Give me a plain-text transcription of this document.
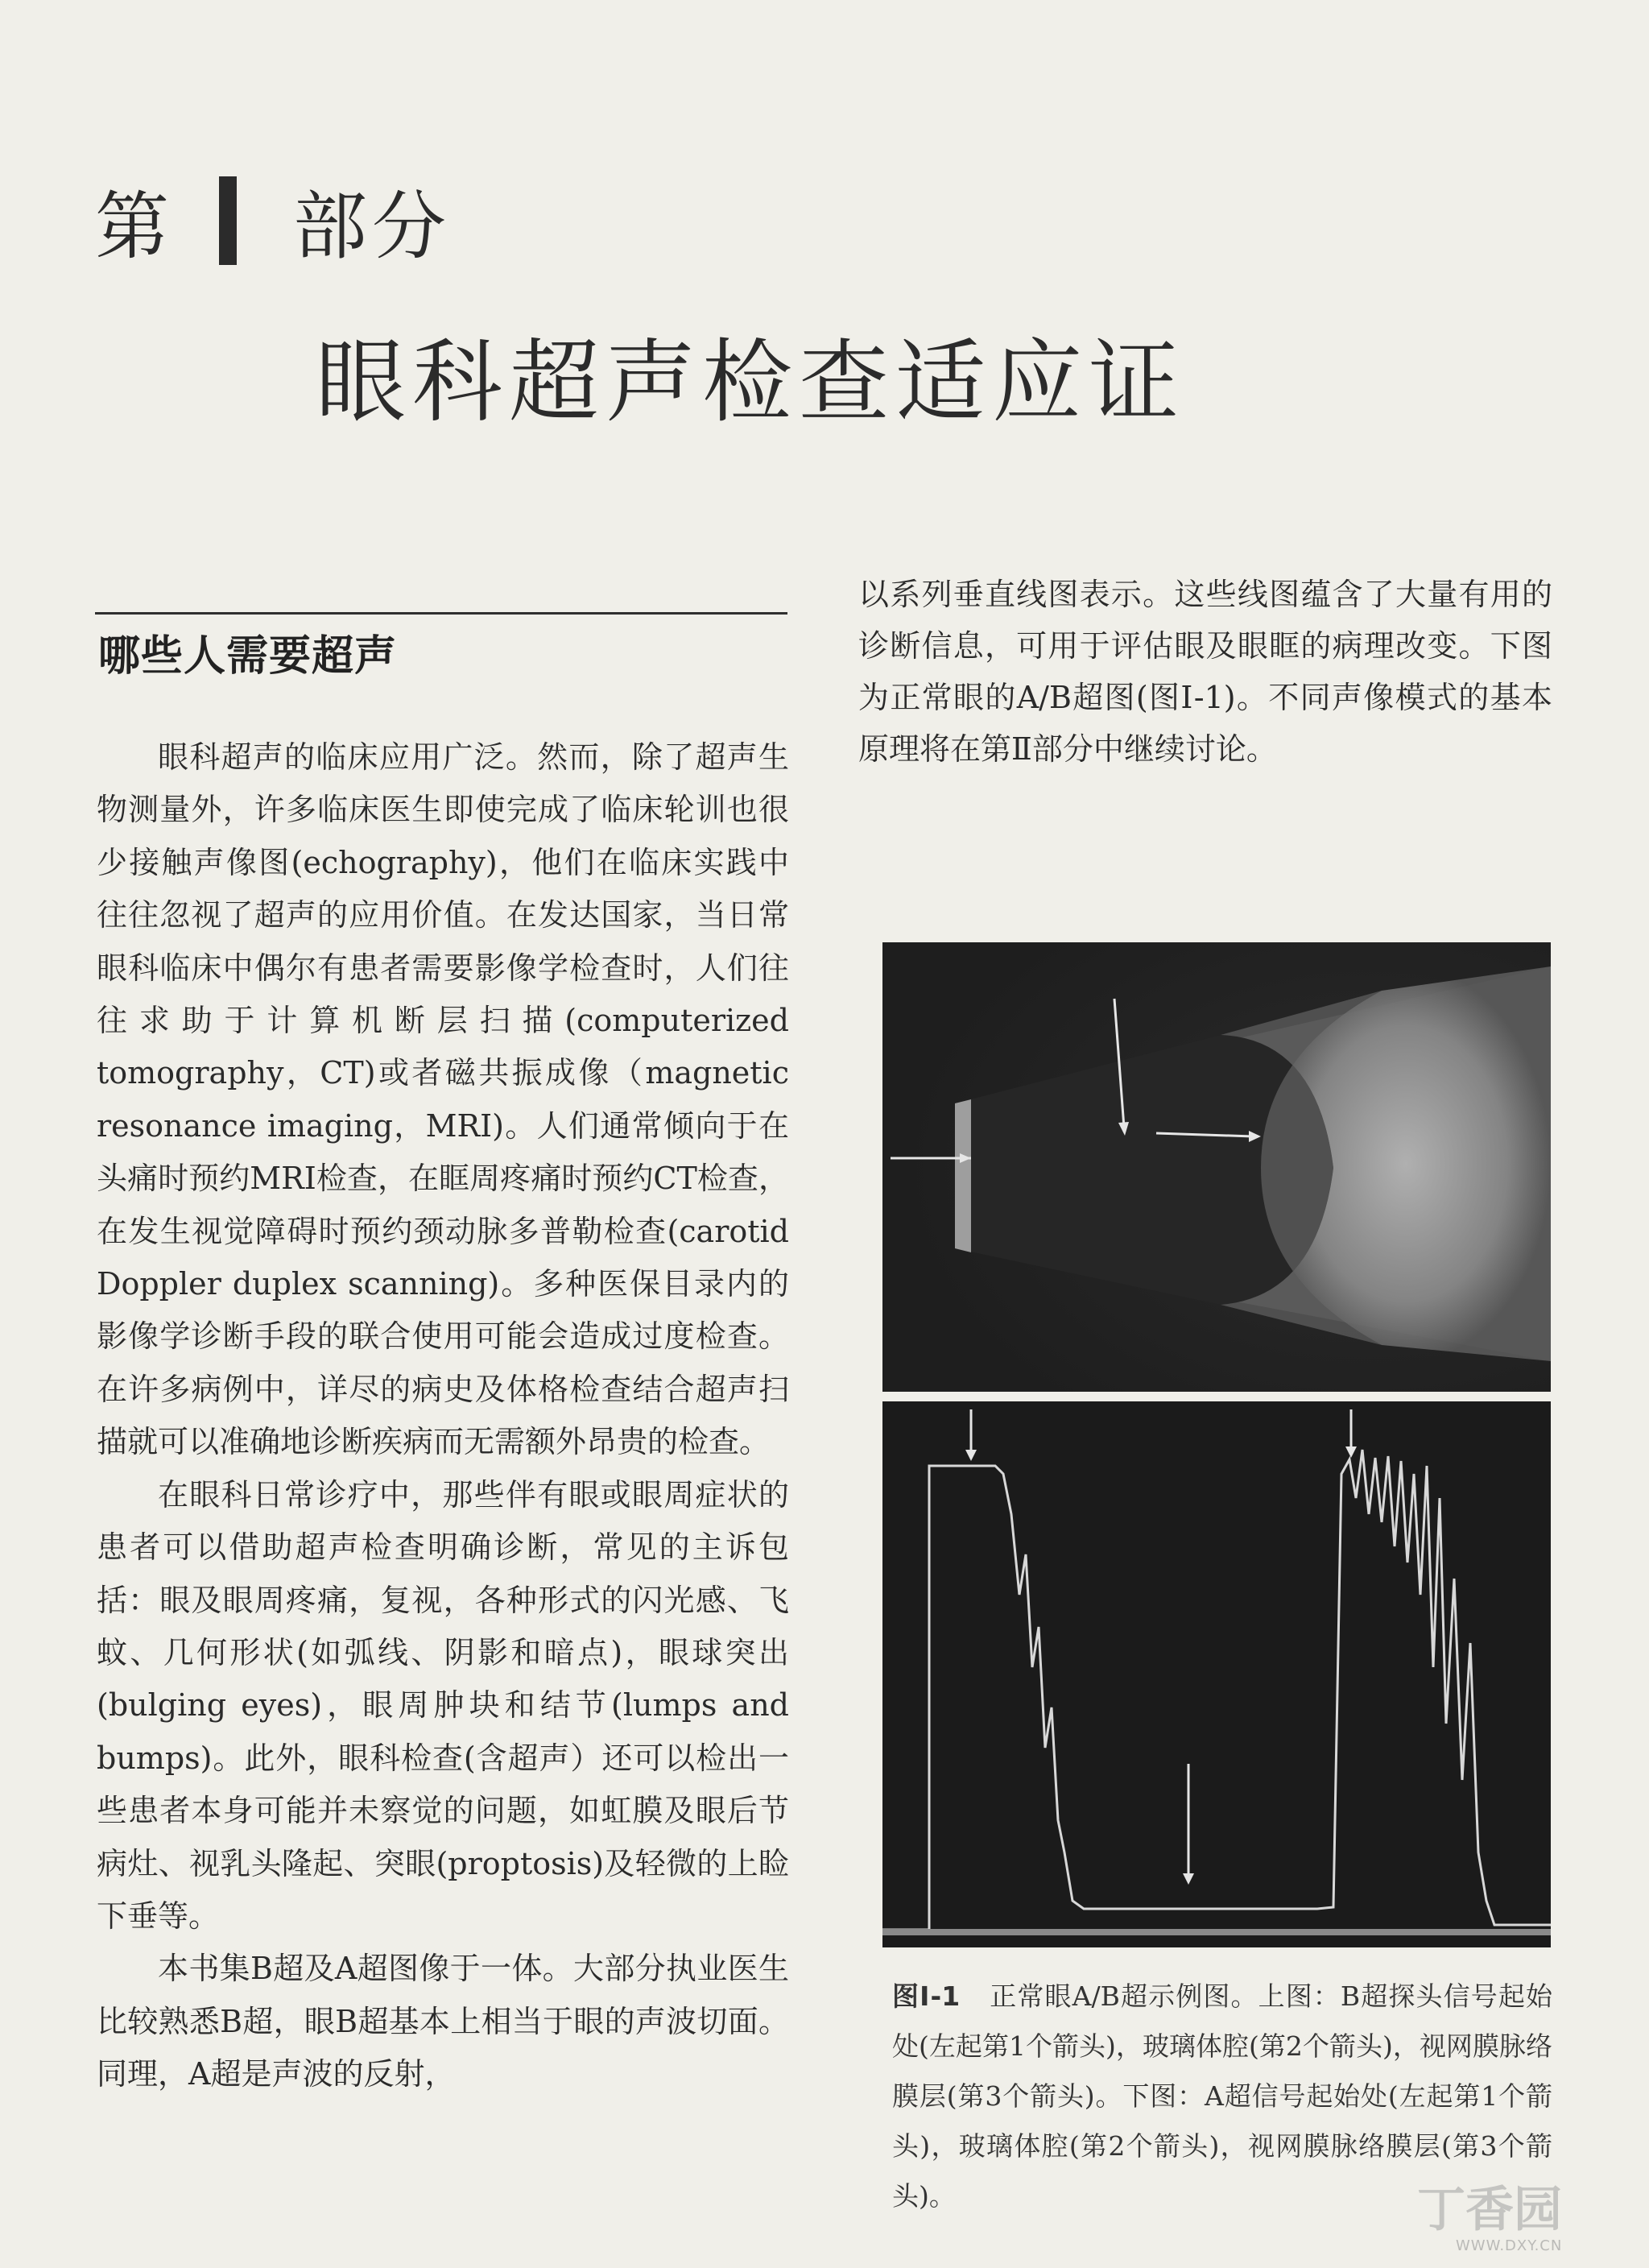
第 部分
眼科超声检查适应证
哪些人需要超声

眼科超声的临床应用广泛。然而，除了超声生物测量外，许多临床医生即使完成了临床轮训也很少接触声像图(echography)，他们在临床实践中往往忽视了超声的应用价值。在发达国家，当日常眼科临床中偶尔有患者需要影像学检查时，人们往往求助于计算机断层扫描(computerized tomography，CT)或者磁共振成像（magnetic resonance imaging，MRI)。人们通常倾向于在头痛时预约MRI检查，在眶周疼痛时预约CT检查，在发生视觉障碍时预约颈动脉多普勒检查(carotid Doppler duplex scanning)。多种医保目录内的影像学诊断手段的联合使用可能会造成过度检查。在许多病例中，详尽的病史及体格检查结合超声扫描就可以准确地诊断疾病而无需额外昂贵的检查。

在眼科日常诊疗中，那些伴有眼或眼周症状的患者可以借助超声检查明确诊断，常见的主诉包括：眼及眼周疼痛，复视，各种形式的闪光感、飞蚊、几何形状(如弧线、阴影和暗点)，眼球突出(bulging eyes)，眼周肿块和结节(lumps and bumps)。此外，眼科检查(含超声）还可以检出一些患者本身可能并未察觉的问题，如虹膜及眼后节病灶、视乳头隆起、突眼(proptosis)及轻微的上睑下垂等。

本书集B超及A超图像于一体。大部分执业医生比较熟悉B超，眼B超基本上相当于眼的声波切面。同理，A超是声波的反射，

以系列垂直线图表示。这些线图蕴含了大量有用的诊断信息，可用于评估眼及眼眶的病理改变。下图为正常眼的A/B超图(图Ⅰ-1)。不同声像模式的基本原理将在第Ⅱ部分中继续讨论。
图Ⅰ-1 正常眼A/B超示例图。上图：B超探头信号起始处(左起第1个箭头)，玻璃体腔(第2个箭头)，视网膜脉络膜层(第3个箭头)。下图：A超信号起始处(左起第1个箭头)，玻璃体腔(第2个箭头)，视网膜脉络膜层(第3个箭头)。	丁香园
WWW.DXY.CN
